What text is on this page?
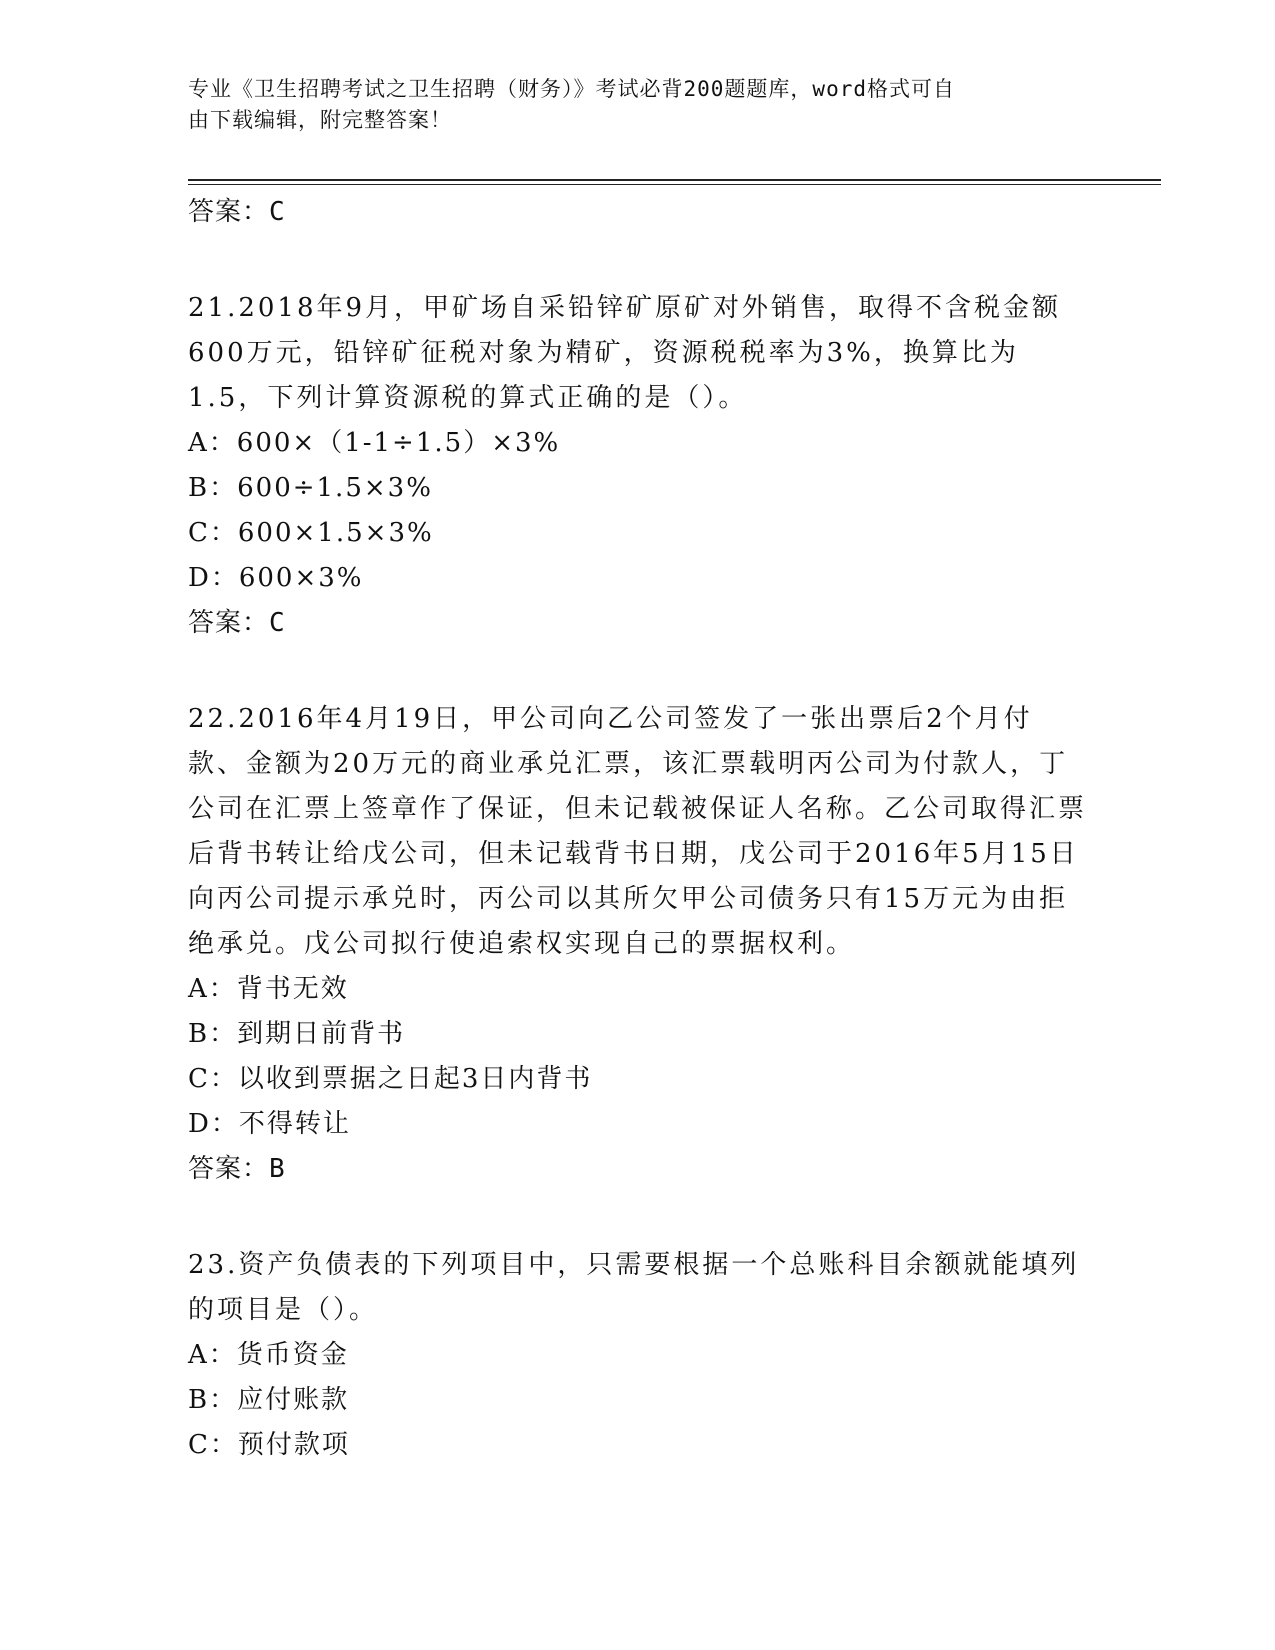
专业《卫生招聘考试之卫生招聘（财务）》考试必背200题题库，word格式可自
由下载编辑，附完整答案！
答案：C
21.2018年9月，甲矿场自采铅锌矿原矿对外销售，取得不含税金额600万元，铅锌矿征税对象为精矿，资源税税率为3%，换算比为1.5，下列计算资源税的算式正确的是（）。
A：600×（1-1÷1.5）×3%
B：600÷1.5×3%
C：600×1.5×3%
D：600×3%
答案：C
22.2016年4月19日，甲公司向乙公司签发了一张出票后2个月付款、金额为20万元的商业承兑汇票，该汇票载明丙公司为付款人，丁公司在汇票上签章作了保证，但未记载被保证人名称。乙公司取得汇票后背书转让给戊公司，但未记载背书日期，戊公司于2016年5月15日向丙公司提示承兑时，丙公司以其所欠甲公司债务只有15万元为由拒绝承兑。戊公司拟行使追索权实现自己的票据权利。
A：背书无效
B：到期日前背书
C：以收到票据之日起3日内背书
D：不得转让
答案：B
23.资产负债表的下列项目中，只需要根据一个总账科目余额就能填列的项目是（）。
A：货币资金
B：应付账款
C：预付款项
